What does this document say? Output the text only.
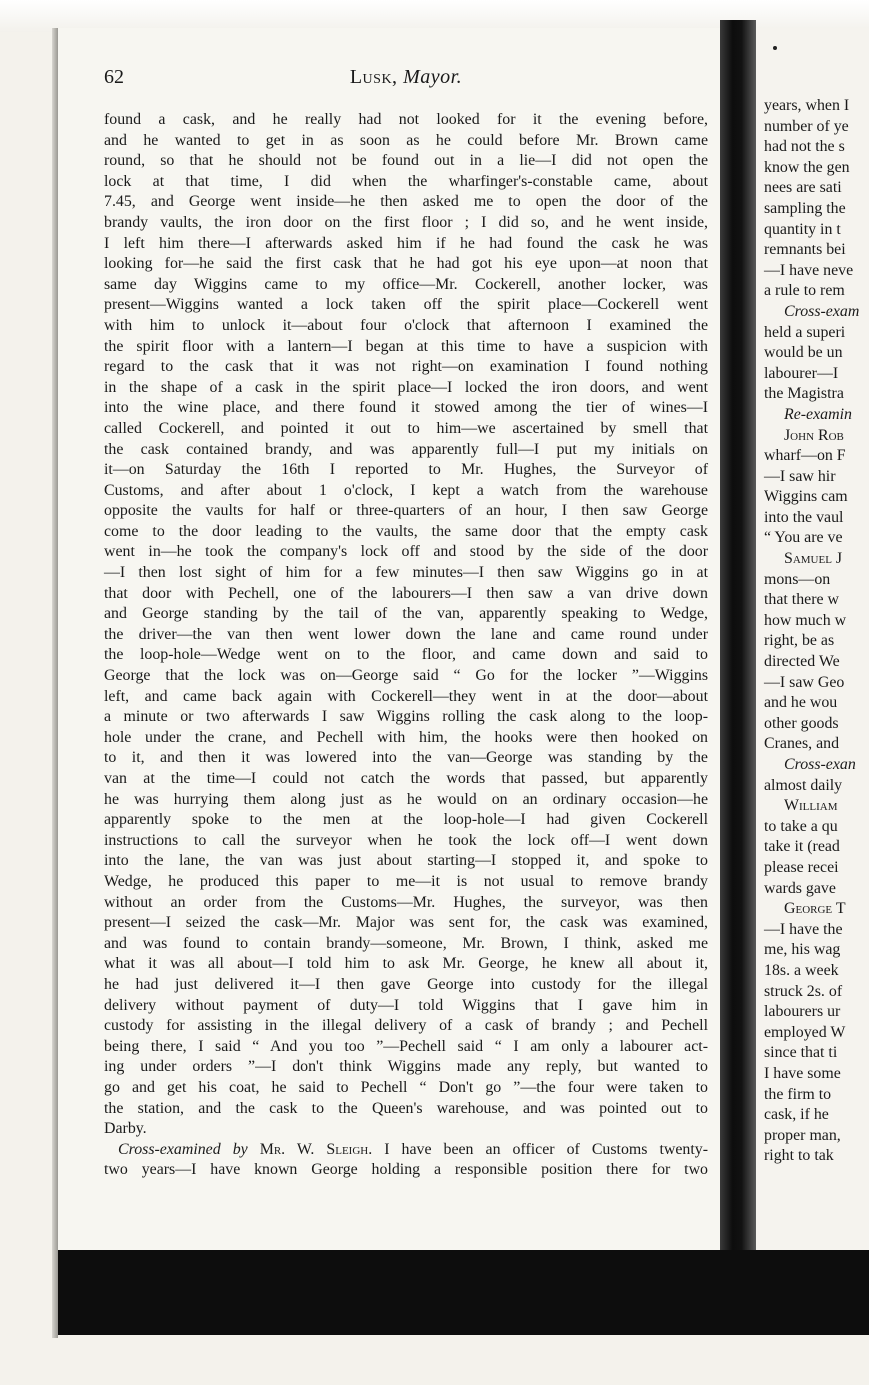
62	Lusk, Mayor.
found a cask, and he really had not looked for it the evening before,
and he wanted to get in as soon as he could before Mr. Brown came
round, so that he should not be found out in a lie—I did not open the
lock at that time, I did when the wharfinger's-constable came, about
7.45, and George went inside—he then asked me to open the door of the
brandy vaults, the iron door on the first floor ; I did so, and he went inside,
I left him there—I afterwards asked him if he had found the cask he was
looking for—he said the first cask that he had got his eye upon—at noon that
same day Wiggins came to my office—Mr. Cockerell, another locker, was
present—Wiggins wanted a lock taken off the spirit place—Cockerell went
with him to unlock it—about four o'clock that afternoon I examined the
the spirit floor with a lantern—I began at this time to have a suspicion with
regard to the cask that it was not right—on examination I found nothing
in the shape of a cask in the spirit place—I locked the iron doors, and went
into the wine place, and there found it stowed among the tier of wines—I
called Cockerell, and pointed it out to him—we ascertained by smell that
the cask contained brandy, and was apparently full—I put my initials on
it—on Saturday the 16th I reported to Mr. Hughes, the Surveyor of
Customs, and after about 1 o'clock, I kept a watch from the warehouse
opposite the vaults for half or three-quarters of an hour, I then saw George
come to the door leading to the vaults, the same door that the empty cask
went in—he took the company's lock off and stood by the side of the door
—I then lost sight of him for a few minutes—I then saw Wiggins go in at
that door with Pechell, one of the labourers—I then saw a van drive down
and George standing by the tail of the van, apparently speaking to Wedge,
the driver—the van then went lower down the lane and came round under
the loop-hole—Wedge went on to the floor, and came down and said to
George that the lock was on—George said “ Go for the locker ”—Wiggins
left, and came back again with Cockerell—they went in at the door—about
a minute or two afterwards I saw Wiggins rolling the cask along to the loop-
hole under the crane, and Pechell with him, the hooks were then hooked on
to it, and then it was lowered into the van—George was standing by the
van at the time—I could not catch the words that passed, but apparently
he was hurrying them along just as he would on an ordinary occasion—he
apparently spoke to the men at the loop-hole—I had given Cockerell
instructions to call the surveyor when he took the lock off—I went down
into the lane, the van was just about starting—I stopped it, and spoke to
Wedge, he produced this paper to me—it is not usual to remove brandy
without an order from the Customs—Mr. Hughes, the surveyor, was then
present—I seized the cask—Mr. Major was sent for, the cask was examined,
and was found to contain brandy—someone, Mr. Brown, I think, asked me
what it was all about—I told him to ask Mr. George, he knew all about it,
he had just delivered it—I then gave George into custody for the illegal
delivery without payment of duty—I told Wiggins that I gave him in
custody for assisting in the illegal delivery of a cask of brandy ; and Pechell
being there, I said “ And you too ”—Pechell said “ I am only a labourer act-
ing under orders ”—I don't think Wiggins made any reply, but wanted to
go and get his coat, he said to Pechell “ Don't go ”—the four were taken to
the station, and the cask to the Queen's warehouse, and was pointed out to
Darby.
Cross-examined by Mr. W. Sleigh. I have been an officer of Customs twenty-
two years—I have known George holding a responsible position there for two
years, when I
number of ye
had not the s
know the gen
nees are sati
sampling the
quantity in t
remnants bei
—I have neve
a rule to rem
Cross-exam
held a superi
would be un
labourer—I
the Magistra
Re-examin
John Rob
wharf—on F
—I saw hir
Wiggins cam
into the vaul
“ You are ve
Samuel J
mons—on
that there w
how much w
right, be as
directed We
—I saw Geo
and he wou
other goods
Cranes, and
Cross-exan
almost daily
William
to take a qu
take it (read
please recei
wards gave
George T
—I have the
me, his wag
18s. a week
struck 2s. of
labourers ur
employed W
since that ti
I have some
the firm to
cask, if he
proper man,
right to tak
